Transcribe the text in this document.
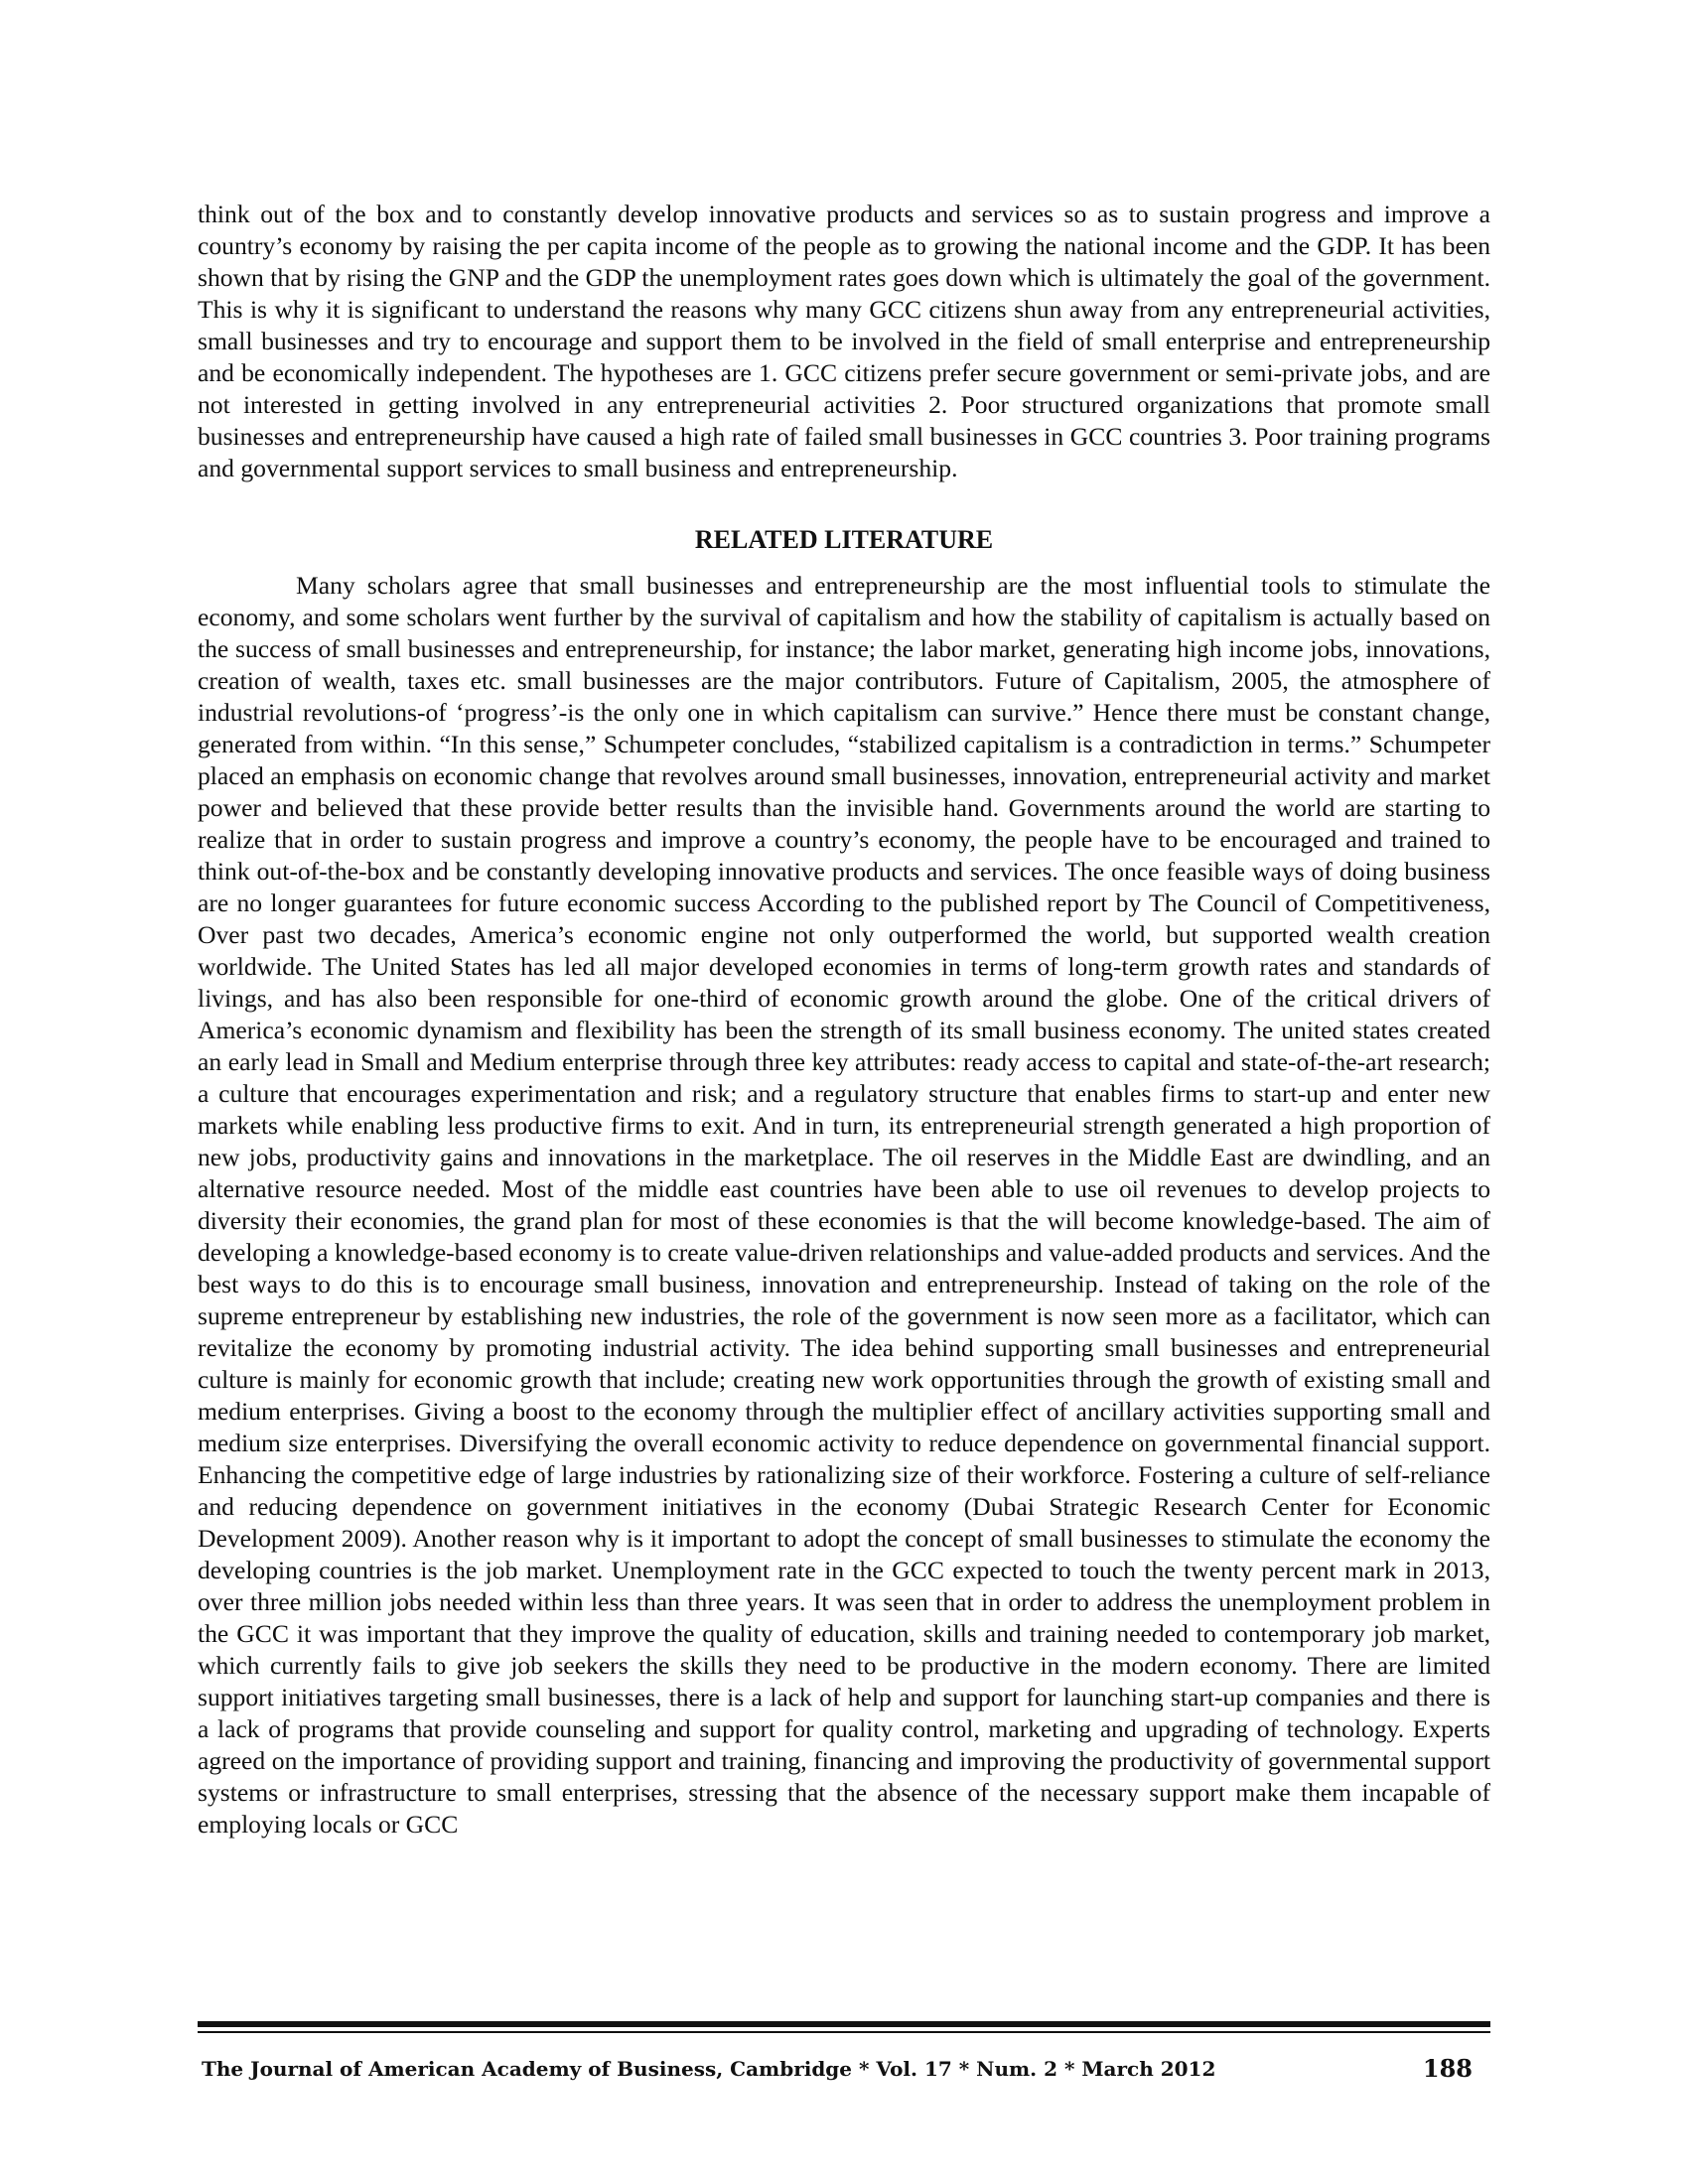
think out of the box and to constantly develop innovative products and services so as to sustain progress and improve a country’s economy by raising the per capita income of the people as to growing the national income and the GDP. It has been shown that by rising the GNP and the GDP the unemployment rates goes down which is ultimately the goal of the government. This is why it is significant to understand the reasons why many GCC citizens shun away from any entrepreneurial activities, small businesses and try to encourage and support them to be involved in the field of small enterprise and entrepreneurship and be economically independent. The hypotheses are 1. GCC citizens prefer secure government or semi-private jobs, and are not interested in getting involved in any entrepreneurial activities 2. Poor structured organizations that promote small businesses and entrepreneurship have caused a high rate of failed small businesses in GCC countries 3. Poor training programs and governmental support services to small business and entrepreneurship.

RELATED LITERATURE

Many scholars agree that small businesses and entrepreneurship are the most influential tools to stimulate the economy, and some scholars went further by the survival of capitalism and how the stability of capitalism is actually based on the success of small businesses and entrepreneurship, for instance; the labor market, generating high income jobs, innovations, creation of wealth, taxes etc. small businesses are the major contributors. Future of Capitalism, 2005, the atmosphere of industrial revolutions-of ‘progress’-is the only one in which capitalism can survive.” Hence there must be constant change, generated from within. “In this sense,” Schumpeter concludes, “stabilized capitalism is a contradiction in terms.” Schumpeter placed an emphasis on economic change that revolves around small businesses, innovation, entrepreneurial activity and market power and believed that these provide better results than the invisible hand. Governments around the world are starting to realize that in order to sustain progress and improve a country’s economy, the people have to be encouraged and trained to think out-of-the-box and be constantly developing innovative products and services. The once feasible ways of doing business are no longer guarantees for future economic success According to the published report by The Council of Competitiveness, Over past two decades, America’s economic engine not only outperformed the world, but supported wealth creation worldwide. The United States has led all major developed economies in terms of long-term growth rates and standards of livings, and has also been responsible for one-third of economic growth around the globe. One of the critical drivers of America’s economic dynamism and flexibility has been the strength of its small business economy. The united states created an early lead in Small and Medium enterprise through three key attributes: ready access to capital and state-of-the-art research; a culture that encourages experimentation and risk; and a regulatory structure that enables firms to start-up and enter new markets while enabling less productive firms to exit. And in turn, its entrepreneurial strength generated a high proportion of new jobs, productivity gains and innovations in the marketplace. The oil reserves in the Middle East are dwindling, and an alternative resource needed. Most of the middle east countries have been able to use oil revenues to develop projects to diversity their economies, the grand plan for most of these economies is that the will become knowledge-based. The aim of developing a knowledge-based economy is to create value-driven relationships and value-added products and services. And the best ways to do this is to encourage small business, innovation and entrepreneurship. Instead of taking on the role of the supreme entrepreneur by establishing new industries, the role of the government is now seen more as a facilitator, which can revitalize the economy by promoting industrial activity. The idea behind supporting small businesses and entrepreneurial culture is mainly for economic growth that include; creating new work opportunities through the growth of existing small and medium enterprises. Giving a boost to the economy through the multiplier effect of ancillary activities supporting small and medium size enterprises. Diversifying the overall economic activity to reduce dependence on governmental financial support. Enhancing the competitive edge of large industries by rationalizing size of their workforce. Fostering a culture of self-reliance and reducing dependence on government initiatives in the economy (Dubai Strategic Research Center for Economic Development 2009). Another reason why is it important to adopt the concept of small businesses to stimulate the economy the developing countries is the job market. Unemployment rate in the GCC expected to touch the twenty percent mark in 2013, over three million jobs needed within less than three years. It was seen that in order to address the unemployment problem in the GCC it was important that they improve the quality of education, skills and training needed to contemporary job market, which currently fails to give job seekers the skills they need to be productive in the modern economy. There are limited support initiatives targeting small businesses, there is a lack of help and support for launching start-up companies and there is a lack of programs that provide counseling and support for quality control, marketing and upgrading of technology. Experts agreed on the importance of providing support and training, financing and improving the productivity of governmental support systems or infrastructure to small enterprises, stressing that the absence of the necessary support make them incapable of employing locals or GCC

The Journal of American Academy of Business, Cambridge * Vol. 17 * Num. 2 * March 2012	188
